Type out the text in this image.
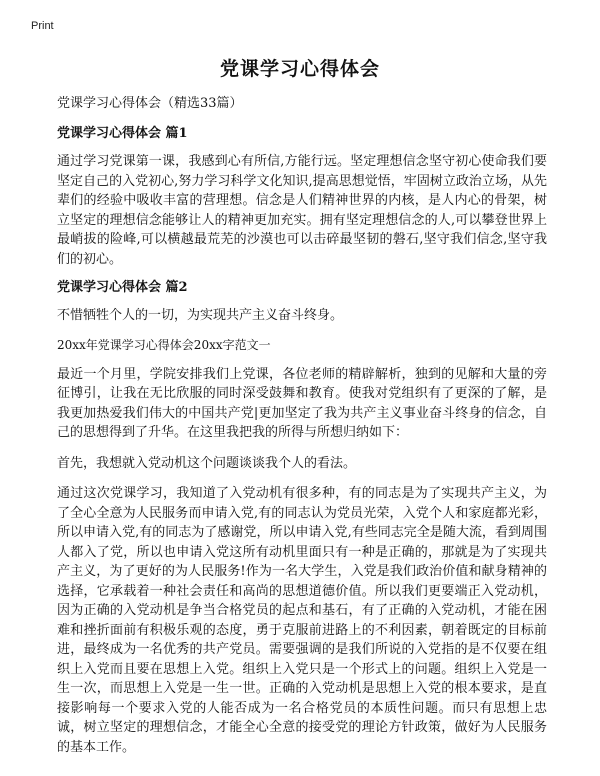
Print
党课学习心得体会
党课学习心得体会（精选33篇）
党课学习心得体会 篇1

通过学习党课第一课，我感到心有所信,方能行远。坚定理想信念坚守初心使命我们要坚定自己的入党初心,努力学习科学文化知识,提高思想觉悟，牢固树立政治立场，从先辈们的经验中吸收丰富的营理想。信念是人们精神世界的内核，是人内心的骨架，树立坚定的理想信念能够让人的精神更加充实。拥有坚定理想信念的人,可以攀登世界上最峭拔的险峰,可以横越最荒芜的沙漠也可以击碎最坚韧的磐石,坚守我们信念,坚守我们的初心。

党课学习心得体会 篇2

不惜牺牲个人的一切，为实现共产主义奋斗终身。

20xx年党课学习心得体会20xx字范文一

最近一个月里，学院安排我们上党课，各位老师的精辟解析，独到的见解和大量的旁征博引，让我在无比欣服的同时深受鼓舞和教育。使我对党组织有了更深的了解，是我更加热爱我们伟大的中国共产党|更加坚定了我为共产主义事业奋斗终身的信念，自己的思想得到了升华。在这里我把我的所得与所想归纳如下：

首先，我想就入党动机这个问题谈谈我个人的看法。

通过这次党课学习，我知道了入党动机有很多种，有的同志是为了实现共产主义，为了全心全意为人民服务而申请入党,有的同志认为党员光荣，入党个人和家庭都光彩，所以申请入党,有的同志为了感谢党，所以申请入党,有些同志完全是随大流，看到周围人都入了党，所以也申请入党这所有动机里面只有一种是正确的，那就是为了实现共产主义，为了更好的为人民服务!作为一名大学生，入党是我们政治价值和献身精神的选择，它承载着一种社会责任和高尚的思想道德价值。所以我们更要端正入党动机，因为正确的入党动机是争当合格党员的起点和基石，有了正确的入党动机，才能在困难和挫折面前有积极乐观的态度，勇于克服前进路上的不利因素，朝着既定的目标前进，最终成为一名优秀的共产党员。需要强调的是我们所说的入党指的是不仅要在组织上入党而且要在思想上入党。组织上入党只是一个形式上的问题。组织上入党是一生一次，而思想上入党是一生一世。正确的入党动机是思想上入党的根本要求，是直接影响每一个要求入党的人能否成为一名合格党员的本质性问题。而只有思想上忠诚，树立坚定的理想信念，才能全心全意的接受党的理论方针政策，做好为人民服务的基本工作。
